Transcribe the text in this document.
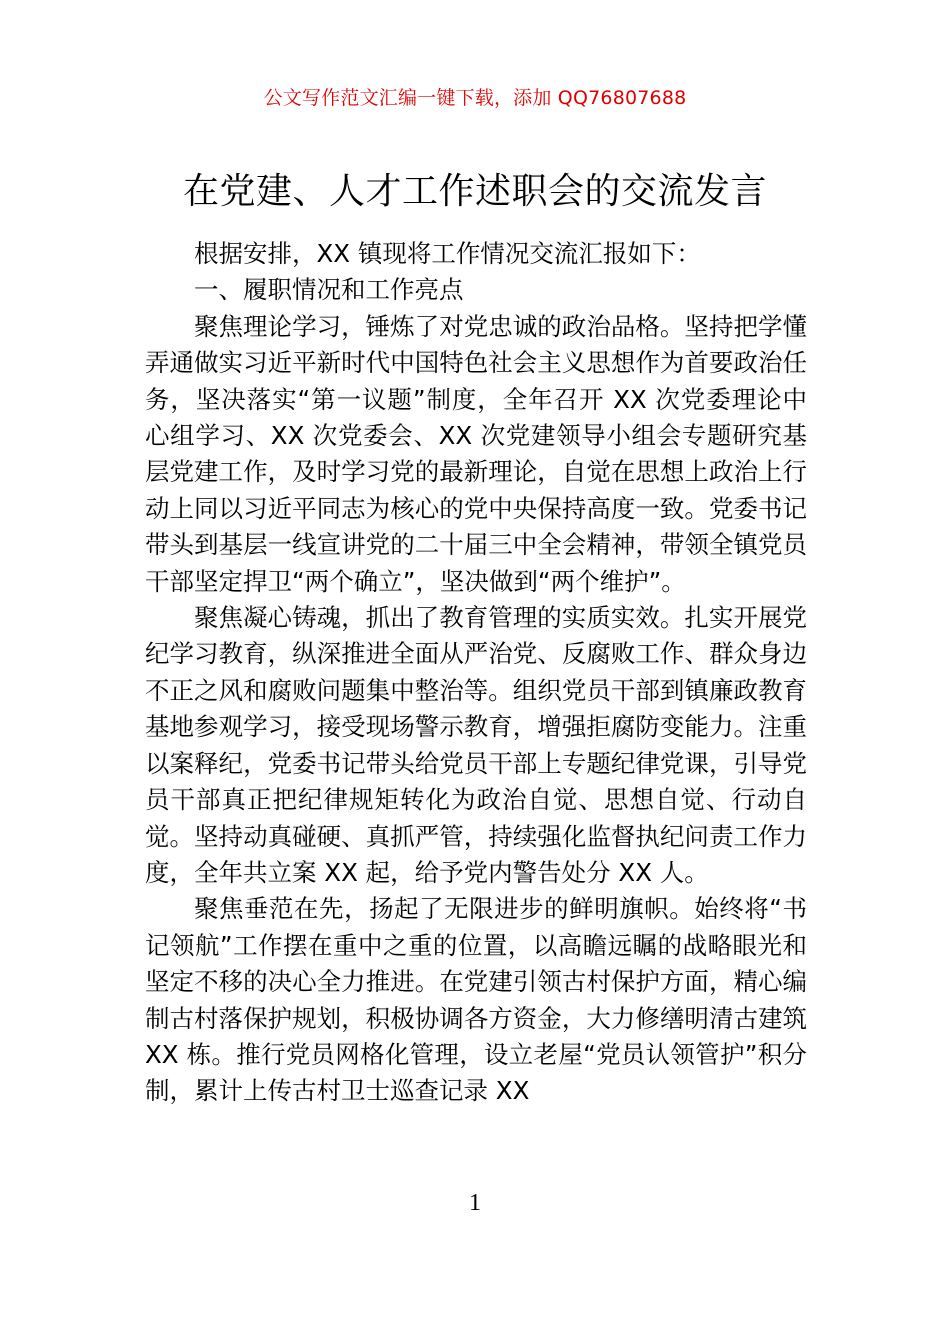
公文写作范文汇编一键下载，添加 QQ76807688
在党建、人才工作述职会的交流发言

根据安排，XX 镇现将工作情况交流汇报如下：

一、履职情况和工作亮点

聚焦理论学习，锤炼了对党忠诚的政治品格。坚持把学懂弄通做实习近平新时代中国特色社会主义思想作为首要政治任务，坚决落实“第一议题”制度，全年召开 XX 次党委理论中心组学习、XX 次党委会、XX 次党建领导小组会专题研究基层党建工作，及时学习党的最新理论，自觉在思想上政治上行动上同以习近平同志为核心的党中央保持高度一致。党委书记带头到基层一线宣讲党的二十届三中全会精神，带领全镇党员干部坚定捍卫“两个确立”，坚决做到“两个维护”。

聚焦凝心铸魂，抓出了教育管理的实质实效。扎实开展党纪学习教育，纵深推进全面从严治党、反腐败工作、群众身边不正之风和腐败问题集中整治等。组织党员干部到镇廉政教育基地参观学习，接受现场警示教育，增强拒腐防变能力。注重以案释纪，党委书记带头给党员干部上专题纪律党课，引导党员干部真正把纪律规矩转化为政治自觉、思想自觉、行动自觉。坚持动真碰硬、真抓严管，持续强化监督执纪问责工作力度，全年共立案 XX 起，给予党内警告处分 XX 人。

聚焦垂范在先，扬起了无限进步的鲜明旗帜。始终将“书记领航”工作摆在重中之重的位置，以高瞻远瞩的战略眼光和坚定不移的决心全力推进。在党建引领古村保护方面，精心编制古村落保护规划，积极协调各方资金，大力修缮明清古建筑 XX 栋。推行党员网格化管理，设立老屋“党员认领管护”积分制，累计上传古村卫士巡查记录 XX

1
